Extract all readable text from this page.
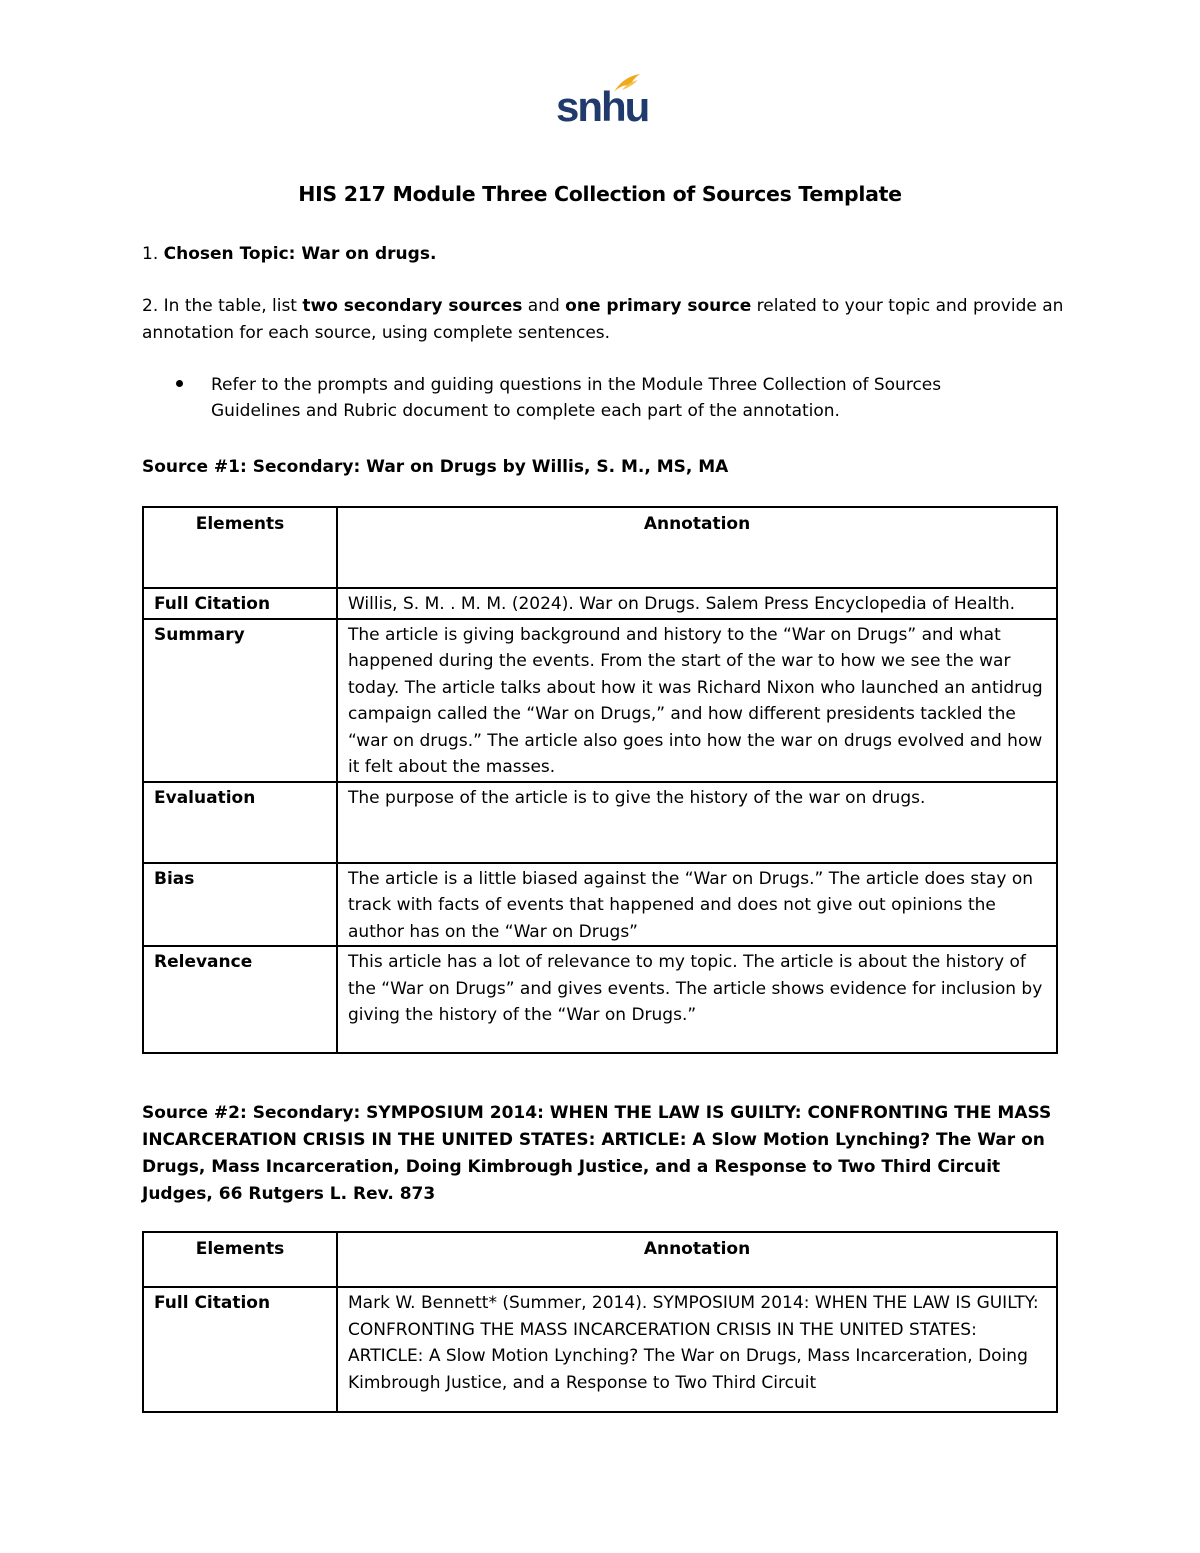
snhu
HIS 217 Module Three Collection of Sources Template
1. Chosen Topic: War on drugs.
2. In the table, list two secondary sources and one primary source related to your topic and provide an
annotation for each source, using complete sentences.
Refer to the prompts and guiding questions in the Module Three Collection of Sources
Guidelines and Rubric document to complete each part of the annotation.
Source #1: Secondary: War on Drugs by Willis, S. M., MS, MA
Elements	Annotation
Full Citation	Willis, S. M. . M. M. (2024). War on Drugs. Salem Press Encyclopedia of Health.
Summary	The article is giving background and history to the “War on Drugs” and what happened during the events. From the start of the war to how we see the war today. The article talks about how it was Richard Nixon who launched an antidrug campaign called the “War on Drugs,” and how different presidents tackled the “war on drugs.” The article also goes into how the war on drugs evolved and how it felt about the masses.
Evaluation	The purpose of the article is to give the history of the war on drugs.
Bias	The article is a little biased against the “War on Drugs.” The article does stay on track with facts of events that happened and does not give out opinions the author has on the “War on Drugs”
Relevance	This article has a lot of relevance to my topic. The article is about the history of the “War on Drugs” and gives events. The article shows evidence for inclusion by giving the history of the “War on Drugs.”
Source #2: Secondary: SYMPOSIUM 2014: WHEN THE LAW IS GUILTY: CONFRONTING THE MASS INCARCERATION CRISIS IN THE UNITED STATES: ARTICLE: A Slow Motion Lynching? The War on Drugs, Mass Incarceration, Doing Kimbrough Justice, and a Response to Two Third Circuit Judges, 66 Rutgers L. Rev. 873
Elements	Annotation
Full Citation	Mark W. Bennett* (Summer, 2014). SYMPOSIUM 2014: WHEN THE LAW IS GUILTY: CONFRONTING THE MASS INCARCERATION CRISIS IN THE UNITED STATES: ARTICLE: A Slow Motion Lynching? The War on Drugs, Mass Incarceration, Doing Kimbrough Justice, and a Response to Two Third Circuit
